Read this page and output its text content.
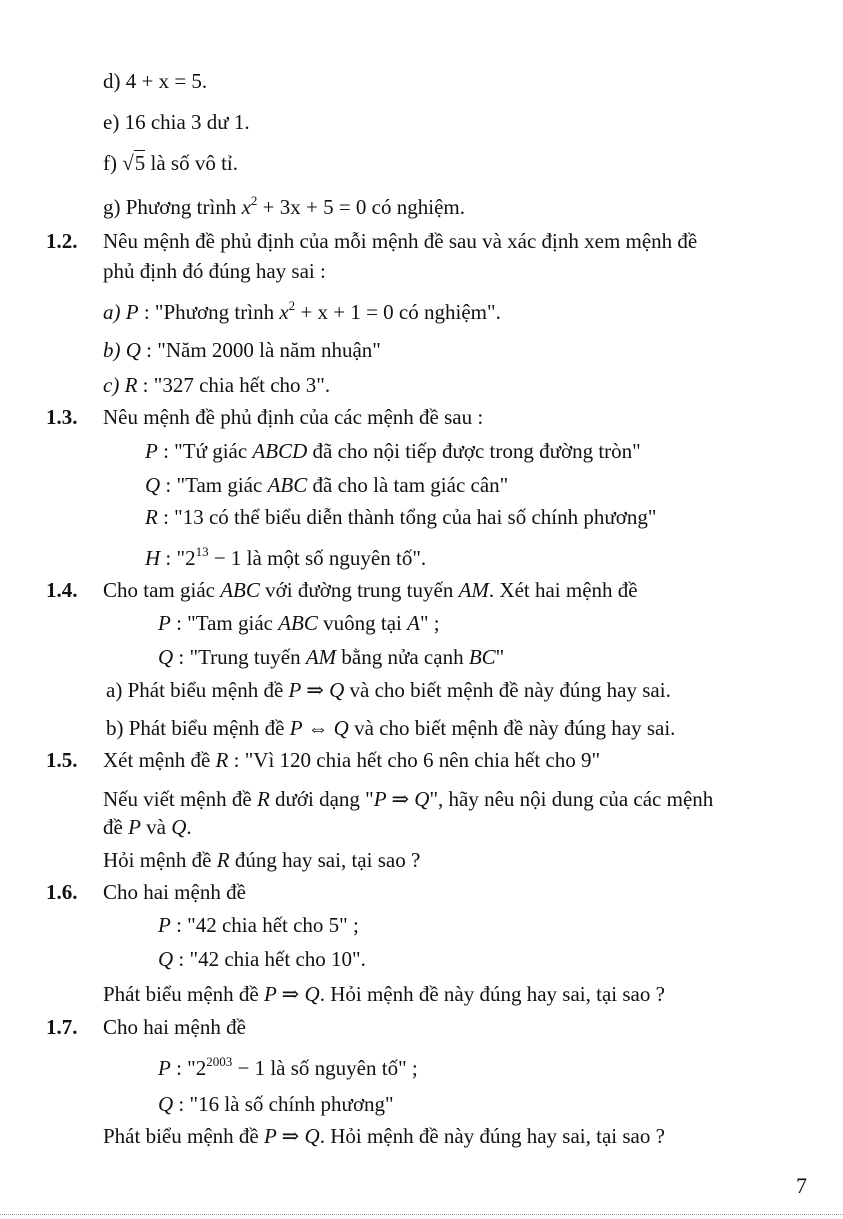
d) 4 + x = 5.
e) 16 chia 3 dư 1.
f) √5 là số vô tỉ.
g) Phương trình $x^2 + 3x + 5 = 0$ có nghiệm.
1.2. Nêu mệnh đề phủ định của mỗi mệnh đề sau và xác định xem mệnh đề
phủ định đó đúng hay sai :
a) P : "Phương trình $x^2 + x + 1 = 0$ có nghiệm".
b) Q : "Năm 2000 là năm nhuận"
c) R : "327 chia hết cho 3".
1.3. Nêu mệnh đề phủ định của các mệnh đề sau :
P : "Tứ giác ABCD đã cho nội tiếp được trong đường tròn"
Q : "Tam giác ABC đã cho là tam giác cân"
R : "13 có thể biểu diễn thành tổng của hai số chính phương"
H : "$2^{13} - 1$ là một số nguyên tố".
1.4. Cho tam giác ABC với đường trung tuyến AM. Xét hai mệnh đề
P : "Tam giác ABC vuông tại A" ;
Q : "Trung tuyến AM bằng nửa cạnh BC"
a) Phát biểu mệnh đề P ⇒ Q và cho biết mệnh đề này đúng hay sai.
b) Phát biểu mệnh đề P ⇔ Q và cho biết mệnh đề này đúng hay sai.
1.5. Xét mệnh đề R : "Vì 120 chia hết cho 6 nên chia hết cho 9"
Nếu viết mệnh đề R dưới dạng "P ⇒ Q", hãy nêu nội dung của các mệnh
đề P và Q.
Hỏi mệnh đề R đúng hay sai, tại sao ?
1.6. Cho hai mệnh đề
P : "42 chia hết cho 5" ;
Q : "42 chia hết cho 10".
Phát biểu mệnh đề P ⇒ Q. Hỏi mệnh đề này đúng hay sai, tại sao ?
1.7. Cho hai mệnh đề
P : "$2^{2003} - 1$ là số nguyên tố" ;
Q : "16 là số chính phương"
Phát biểu mệnh đề P ⇒ Q. Hỏi mệnh đề này đúng hay sai, tại sao ?
7
